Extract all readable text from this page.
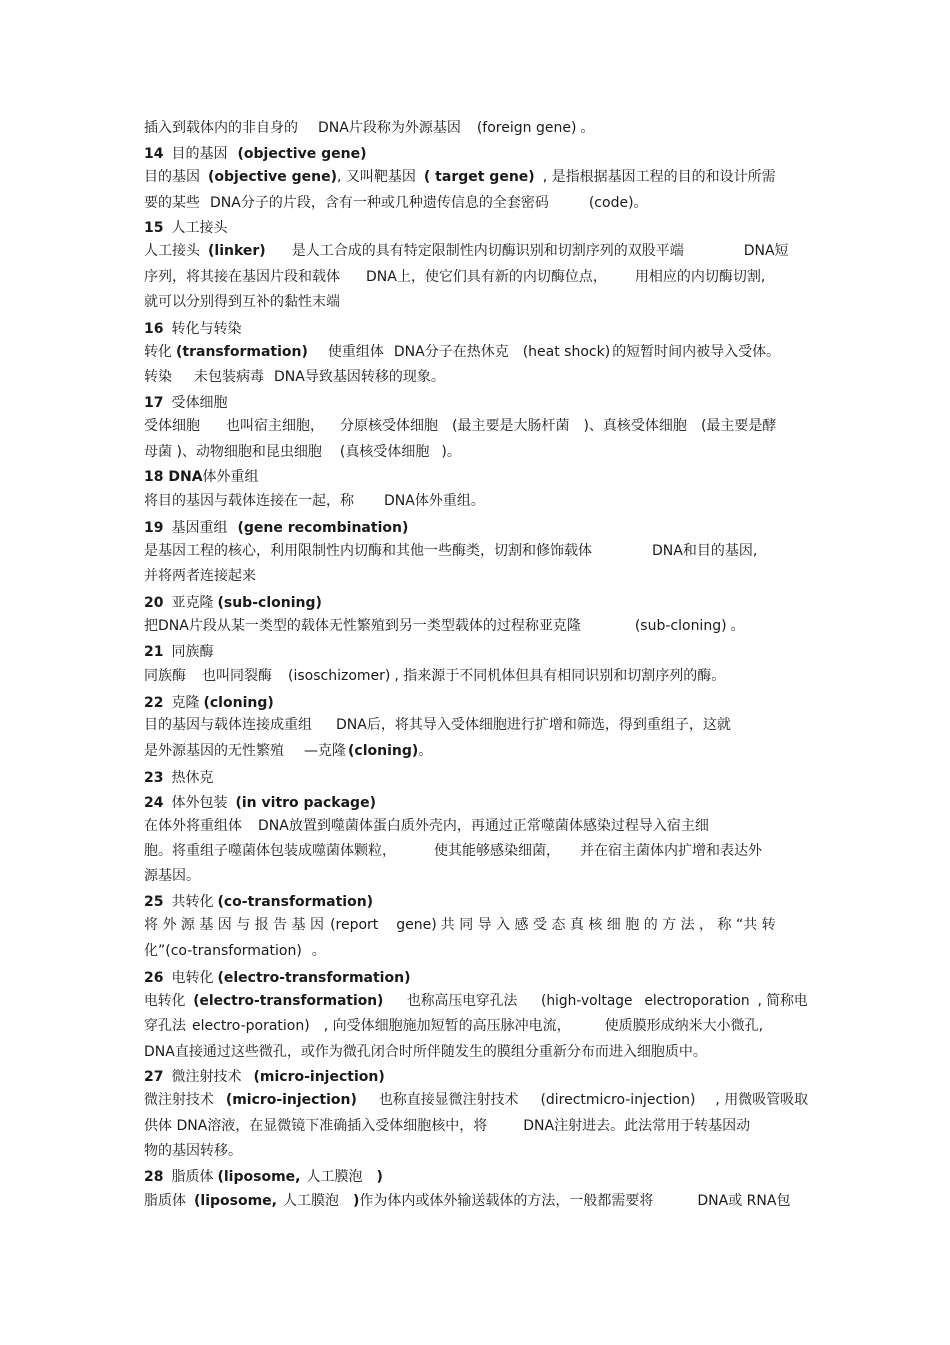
插入到载体内的非自身的 DNA片段称为外源基因 (foreign gene) 。
14 目的基因 (objective gene)
目的基因 (objective gene), 又叫靶基因 ( target gene) , 是指根据基因工程的目的和设计所需
要的某些 DNA分子的片段，含有一种或几种遗传信息的全套密码	(code)。
15 人工接头
人工接头 (linker) 是人工合成的具有特定限制性内切酶识别和切割序列的双股平端	DNA短
序列，将其接在基因片段和载体 DNA上，使它们具有新的内切酶位点， 用相应的内切酶切割,
就可以分别得到互补的黏性末端
16 转化与转染
转化 (transformation) 使重组体 DNA分子在热休克 (heat shock) 的短暂时间内被导入受体。
转染 未包装病毒 DNA导致基因转移的现象。
17 受体细胞
受体细胞 也叫宿主细胞， 分原核受体细胞 (最主要是大肠杆菌 )、真核受体细胞 (最主要是酵
母菌 )、动物细胞和昆虫细胞 (真核受体细胞 )。
18 DNA体外重组
将目的基因与载体连接在一起，称 DNA体外重组。
19 基因重组 (gene recombination)
是基因工程的核心，利用限制性内切酶和其他一些酶类，切割和修饰载体	DNA和目的基因,
并将两者连接起来
20 亚克隆 (sub-cloning)
把DNA片段从某一类型的载体无性繁殖到另一类型载体的过程称亚克隆	(sub-cloning) 。
21 同族酶
同族酶 也叫同裂酶 (isoschizomer) , 指来源于不同机体但具有相同识别和切割序列的酶。
22 克隆 (cloning)
目的基因与载体连接成重组 DNA后，将其导入受体细胞进行扩增和筛选，得到重组子，这就
是外源基因的无性繁殖 —克隆 (cloning)。
23 热休克
24 体外包装 (in vitro package)
在体外将重组体 DNA放置到噬菌体蛋白质外壳内，再通过正常噬菌体感染过程导入宿主细
胞。将重组子噬菌体包装成噬菌体颗粒，	使其能够感染细菌， 并在宿主菌体内扩增和表达外
源基因。
25 共转化 (co-transformation)
将 外 源 基 因 与 报 告 基 因 (report gene) 共 同 导 入 感 受 态 真 核 细 胞 的 方 法 ， 称 “共 转
化”(co-transformation) 。
26 电转化 (electro-transformation)
电转化 (electro-transformation) 也称高压电穿孔法 (high-voltage electroporation , 简称电
穿孔法 electro-poration) , 向受体细胞施加短暂的高压脉冲电流， 使质膜形成纳米大小微孔,
DNA直接通过这些微孔，或作为微孔闭合时所伴随发生的膜组分重新分布而进入细胞质中。
27 微注射技术 (micro-injection)
微注射技术 (micro-injection) 也称直接显微注射技术 (directmicro-injection) , 用微吸管吸取
供体 DNA溶液，在显微镜下准确插入受体细胞核中，将	DNA注射进去。此法常用于转基因动
物的基因转移。
28 脂质体 (liposome, 人工膜泡 )
脂质体 (liposome, 人工膜泡 )作为体内或体外输送载体的方法，一般都需要将	DNA或 RNA包
